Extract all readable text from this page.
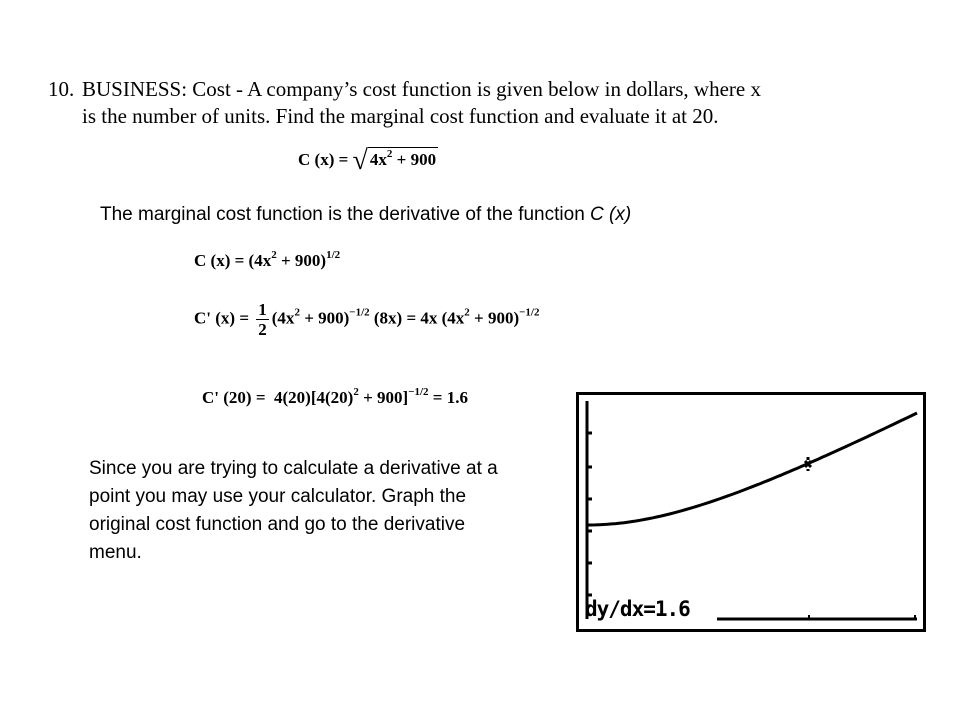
10. BUSINESS: Cost - A company’s cost function is given below in dollars, where x
is the number of units. Find the marginal cost function and evaluate it at 20.
C (x) = √ $4x^2 + 900$
The marginal cost function is the derivative of the function C (x)
C $(x) = (4x^2 + 900)^{1/2}$
C' $(x) = \frac{1}{2} (4x^2 + 900)^{-1/2}$ (8x) = 4x $(4x^2 + 900)^{-1/2}$
C' $(20) = 4(20)[4(20)^2 + 900]^{-1/2} = 1.6$
Since you are trying to calculate a derivative at a point you may use your calculator. Graph the original cost function and go to the derivative menu.
dy/dx=1.6
